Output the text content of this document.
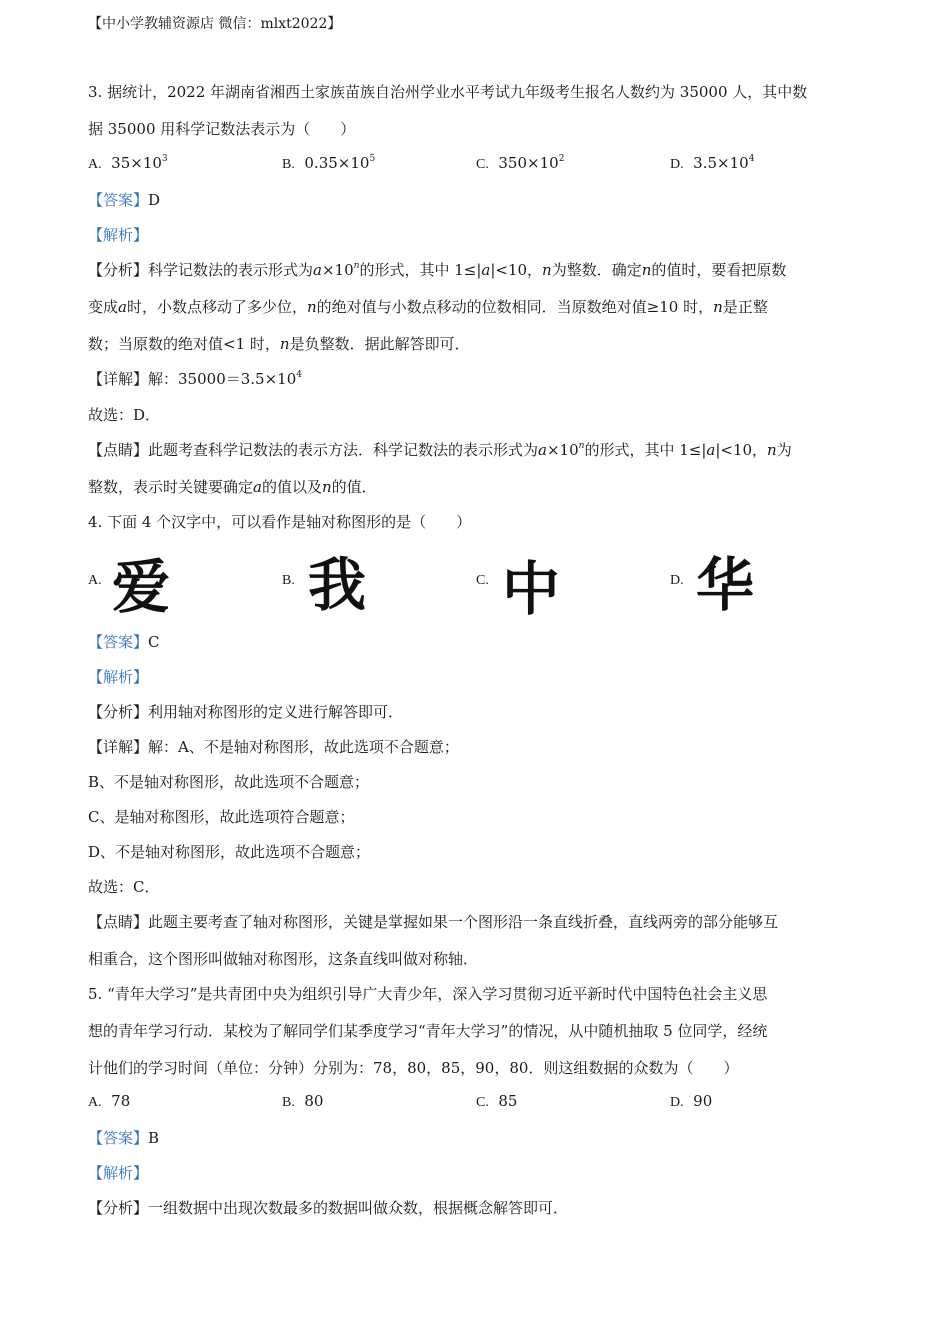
【中小学教辅资源店 微信：mlxt2022】
3. 据统计，2022 年湖南省湘西土家族苗族自治州学业水平考试九年级考生报名人数约为 35000 人，其中数
据 35000 用科学记数法表示为（　　）
A. $35\times 10^3$	B. $0.35\times 10^5$	C. $350\times 10^2$	D. $3.5\times 10^4$
【答案】D
【解析】
【分析】科学记数法的表示形式为$a\times 10^n$的形式，其中 1≤|a|<10，n为整数．确定n的值时，要看把原数
变成a时，小数点移动了多少位，n的绝对值与小数点移动的位数相同．当原数绝对值≥10 时，n是正整
数；当原数的绝对值<1 时，n是负整数．据此解答即可．
【详解】解：$35000=3.5\times 10^4$
故选：D．
【点睛】此题考查科学记数法的表示方法．科学记数法的表示形式为$a\times 10^n$的形式，其中 1≤|a|<10，n为
整数，表示时关键要确定a的值以及n的值．
4. 下面 4 个汉字中，可以看作是轴对称图形的是（　　）
A. 爱	B. 我	C. 中	D. 华
【答案】C
【解析】
【分析】利用轴对称图形的定义进行解答即可．
【详解】解：A、不是轴对称图形，故此选项不合题意；
B、不是轴对称图形，故此选项不合题意；
C、是轴对称图形，故此选项符合题意；
D、不是轴对称图形，故此选项不合题意；
故选：C．
【点睛】此题主要考查了轴对称图形，关键是掌握如果一个图形沿一条直线折叠，直线两旁的部分能够互
相重合，这个图形叫做轴对称图形，这条直线叫做对称轴．
5. “青年大学习”是共青团中央为组织引导广大青少年，深入学习贯彻习近平新时代中国特色社会主义思
想的青年学习行动．某校为了解同学们某季度学习“青年大学习”的情况，从中随机抽取 5 位同学，经统
计他们的学习时间（单位：分钟）分别为：78，80，85，90，80．则这组数据的众数为（　　）
A. 78	B. 80	C. 85	D. 90
【答案】B
【解析】
【分析】一组数据中出现次数最多的数据叫做众数，根据概念解答即可．
